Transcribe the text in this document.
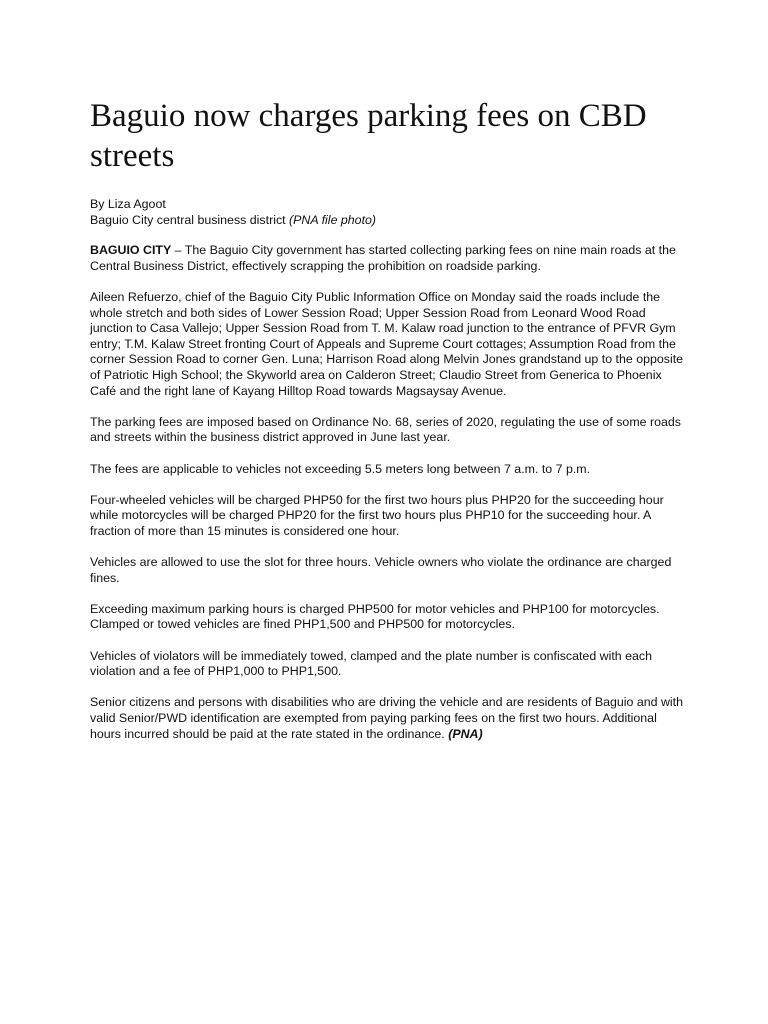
Baguio now charges parking fees on CBD streets

By Liza Agoot

Baguio City central business district (PNA file photo)

BAGUIO CITY – The Baguio City government has started collecting parking fees on nine main roads at the Central Business District, effectively scrapping the prohibition on roadside parking.

Aileen Refuerzo, chief of the Baguio City Public Information Office on Monday said the roads include the whole stretch and both sides of Lower Session Road; Upper Session Road from Leonard Wood Road junction to Casa Vallejo; Upper Session Road from T. M. Kalaw road junction to the entrance of PFVR Gym entry; T.M. Kalaw Street fronting Court of Appeals and Supreme Court cottages; Assumption Road from the corner Session Road to corner Gen. Luna; Harrison Road along Melvin Jones grandstand up to the opposite of Patriotic High School; the Skyworld area on Calderon Street; Claudio Street from Generica to Phoenix Café and the right lane of Kayang Hilltop Road towards Magsaysay Avenue.

The parking fees are imposed based on Ordinance No. 68, series of 2020, regulating the use of some roads and streets within the business district approved in June last year.

The fees are applicable to vehicles not exceeding 5.5 meters long between 7 a.m. to 7 p.m.

Four-wheeled vehicles will be charged PHP50 for the first two hours plus PHP20 for the succeeding hour while motorcycles will be charged PHP20 for the first two hours plus PHP10 for the succeeding hour. A fraction of more than 15 minutes is considered one hour.

Vehicles are allowed to use the slot for three hours. Vehicle owners who violate the ordinance are charged fines.

Exceeding maximum parking hours is charged PHP500 for motor vehicles and PHP100 for motorcycles. Clamped or towed vehicles are fined PHP1,500 and PHP500 for motorcycles.

Vehicles of violators will be immediately towed, clamped and the plate number is confiscated with each violation and a fee of PHP1,000 to PHP1,500.

Senior citizens and persons with disabilities who are driving the vehicle and are residents of Baguio and with valid Senior/PWD identification are exempted from paying parking fees on the first two hours. Additional hours incurred should be paid at the rate stated in the ordinance. (PNA)
